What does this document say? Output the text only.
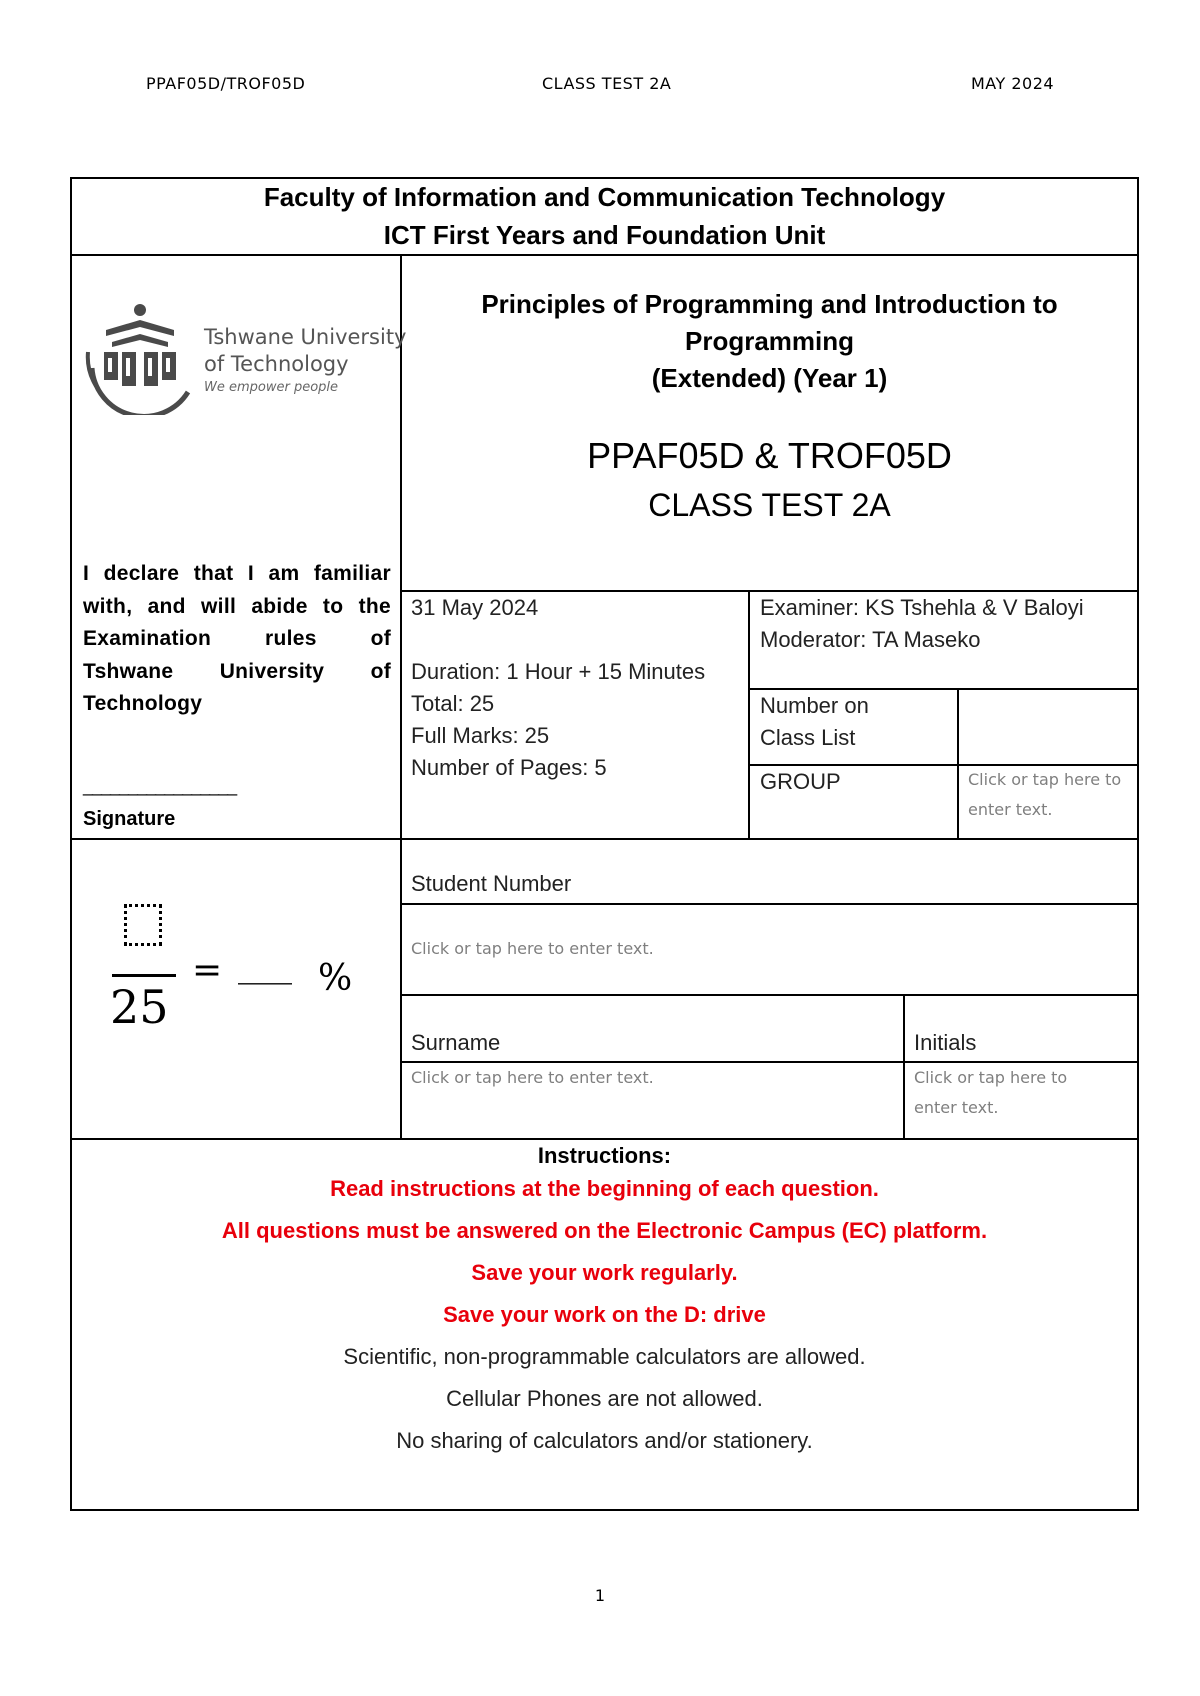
PPAF05D/TROF05D	CLASS TEST 2A	MAY 2024
Faculty of Information and Communication Technology
ICT First Years and Foundation Unit
Tshwane University
of Technology
We empower people
Principles of Programming and Introduction to
Programming
(Extended) (Year 1)
PPAF05D & TROF05D
CLASS TEST 2A
I declare that I am familiar with, and will abide to the Examination rules of Tshwane University of Technology
_________________
Signature
31 May 2024
Duration: 1 Hour + 15 Minutes
Total: 25
Full Marks: 25
Number of Pages: 5
Examiner: KS Tshehla & V Baloyi
Moderator: TA Maseko
Number on
Class List
GROUP	Click or tap here to enter text.
25
= ___ %
Student Number
Click or tap here to enter text.
Surname	Initials
Click or tap here to enter text.	Click or tap here to enter text.
Instructions:
Read instructions at the beginning of each question.
All questions must be answered on the Electronic Campus (EC) platform.
Save your work regularly.
Save your work on the D: drive
Scientific, non-programmable calculators are allowed.
Cellular Phones are not allowed.
No sharing of calculators and/or stationery.
1
